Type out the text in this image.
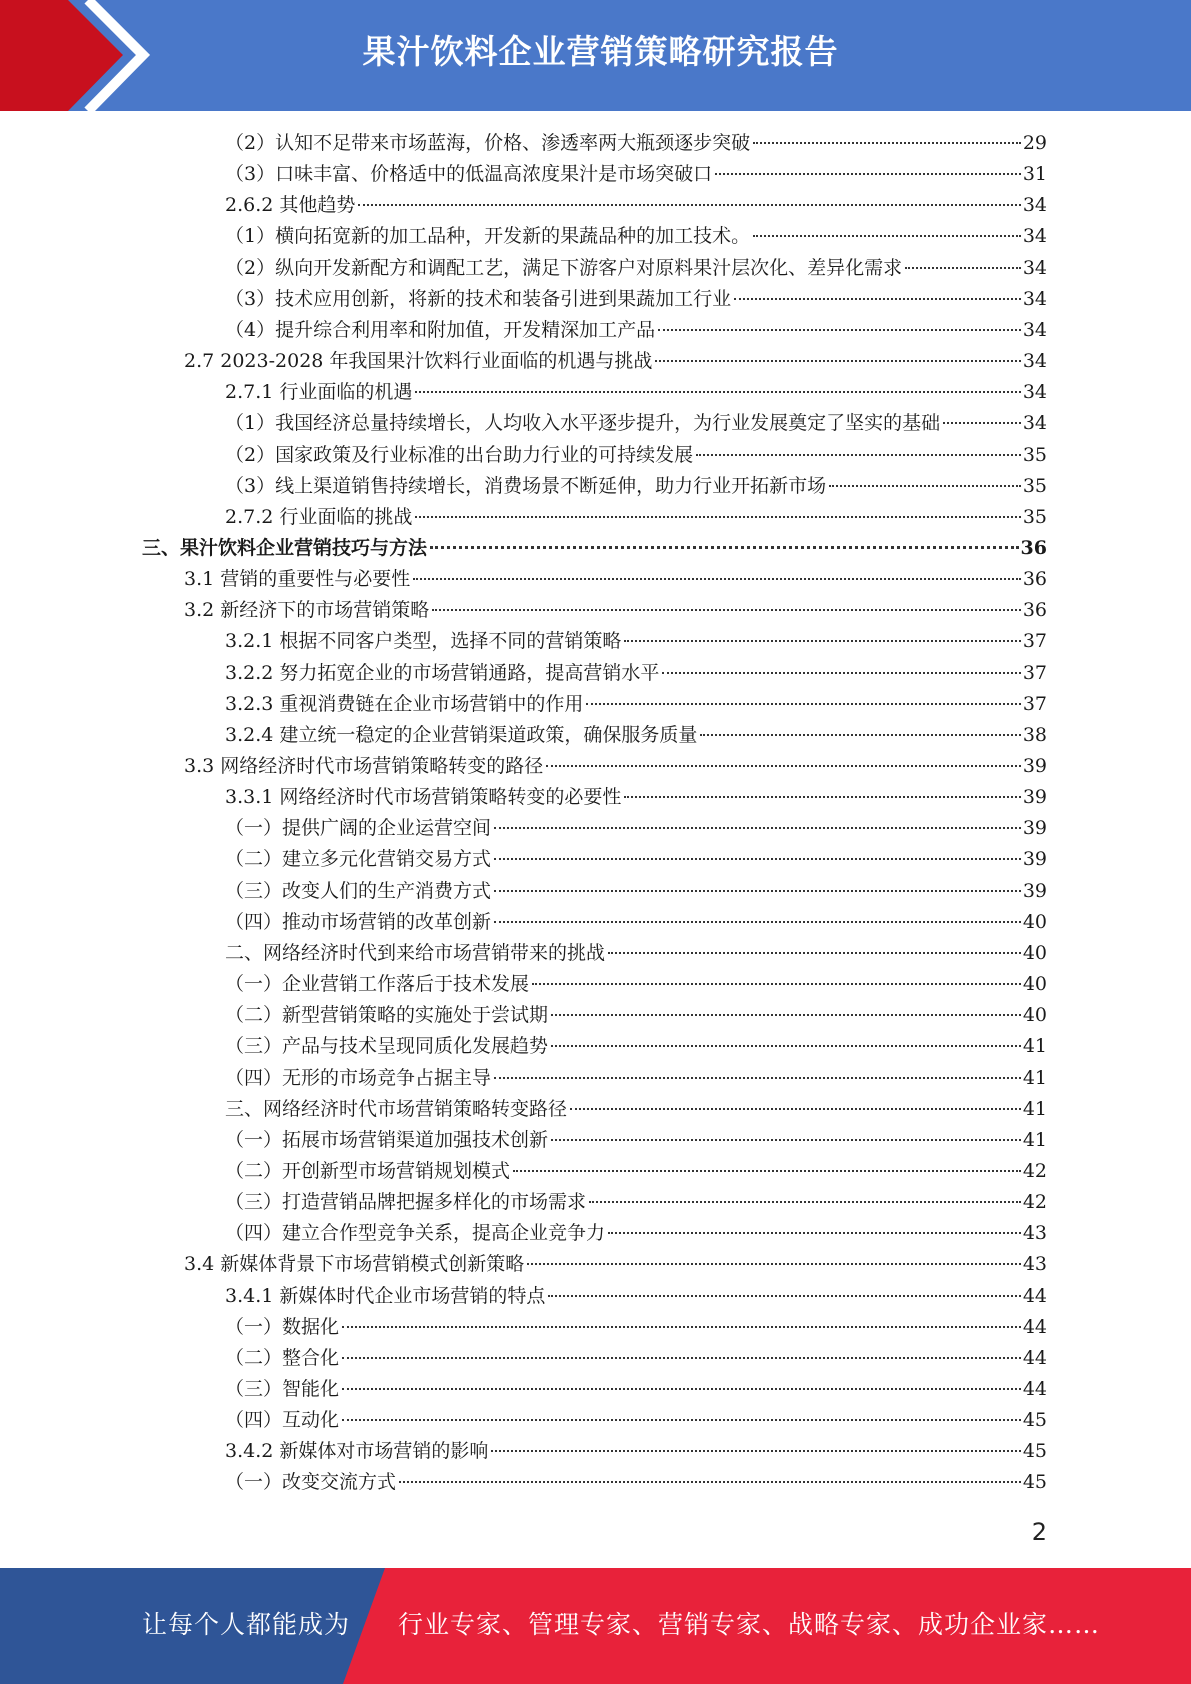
果汁饮料企业营销策略研究报告
（2）认知不足带来市场蓝海，价格、渗透率两大瓶颈逐步突破	29
（3）口味丰富、价格适中的低温高浓度果汁是市场突破口	31
2.6.2 其他趋势	34
（1）横向拓宽新的加工品种，开发新的果蔬品种的加工技术。	34
（2）纵向开发新配方和调配工艺，满足下游客户对原料果汁层次化、差异化需求	34
（3）技术应用创新，将新的技术和装备引进到果蔬加工行业	34
（4）提升综合利用率和附加值，开发精深加工产品	34
2.7 2023-2028 年我国果汁饮料行业面临的机遇与挑战	34
2.7.1 行业面临的机遇	34
（1）我国经济总量持续增长，人均收入水平逐步提升，为行业发展奠定了坚实的基础	34
（2）国家政策及行业标准的出台助力行业的可持续发展	35
（3）线上渠道销售持续增长，消费场景不断延伸，助力行业开拓新市场	35
2.7.2 行业面临的挑战	35
三、果汁饮料企业营销技巧与方法	36
3.1 营销的重要性与必要性	36
3.2 新经济下的市场营销策略	36
3.2.1 根据不同客户类型，选择不同的营销策略	37
3.2.2 努力拓宽企业的市场营销通路，提高营销水平	37
3.2.3 重视消费链在企业市场营销中的作用	37
3.2.4 建立统一稳定的企业营销渠道政策，确保服务质量	38
3.3 网络经济时代市场营销策略转变的路径	39
3.3.1 网络经济时代市场营销策略转变的必要性	39
（一）提供广阔的企业运营空间	39
（二）建立多元化营销交易方式	39
（三）改变人们的生产消费方式	39
（四）推动市场营销的改革创新	40
二、网络经济时代到来给市场营销带来的挑战	40
（一）企业营销工作落后于技术发展	40
（二）新型营销策略的实施处于尝试期	40
（三）产品与技术呈现同质化发展趋势	41
（四）无形的市场竞争占据主导	41
三、网络经济时代市场营销策略转变路径	41
（一）拓展市场营销渠道加强技术创新	41
（二）开创新型市场营销规划模式	42
（三）打造营销品牌把握多样化的市场需求	42
（四）建立合作型竞争关系，提高企业竞争力	43
3.4 新媒体背景下市场营销模式创新策略	43
3.4.1 新媒体时代企业市场营销的特点	44
（一）数据化	44
（二）整合化	44
（三）智能化	44
（四）互动化	45
3.4.2 新媒体对市场营销的影响	45
（一）改变交流方式	45
2
让每个人都能成为 行业专家、管理专家、营销专家、战略专家、成功企业家……
